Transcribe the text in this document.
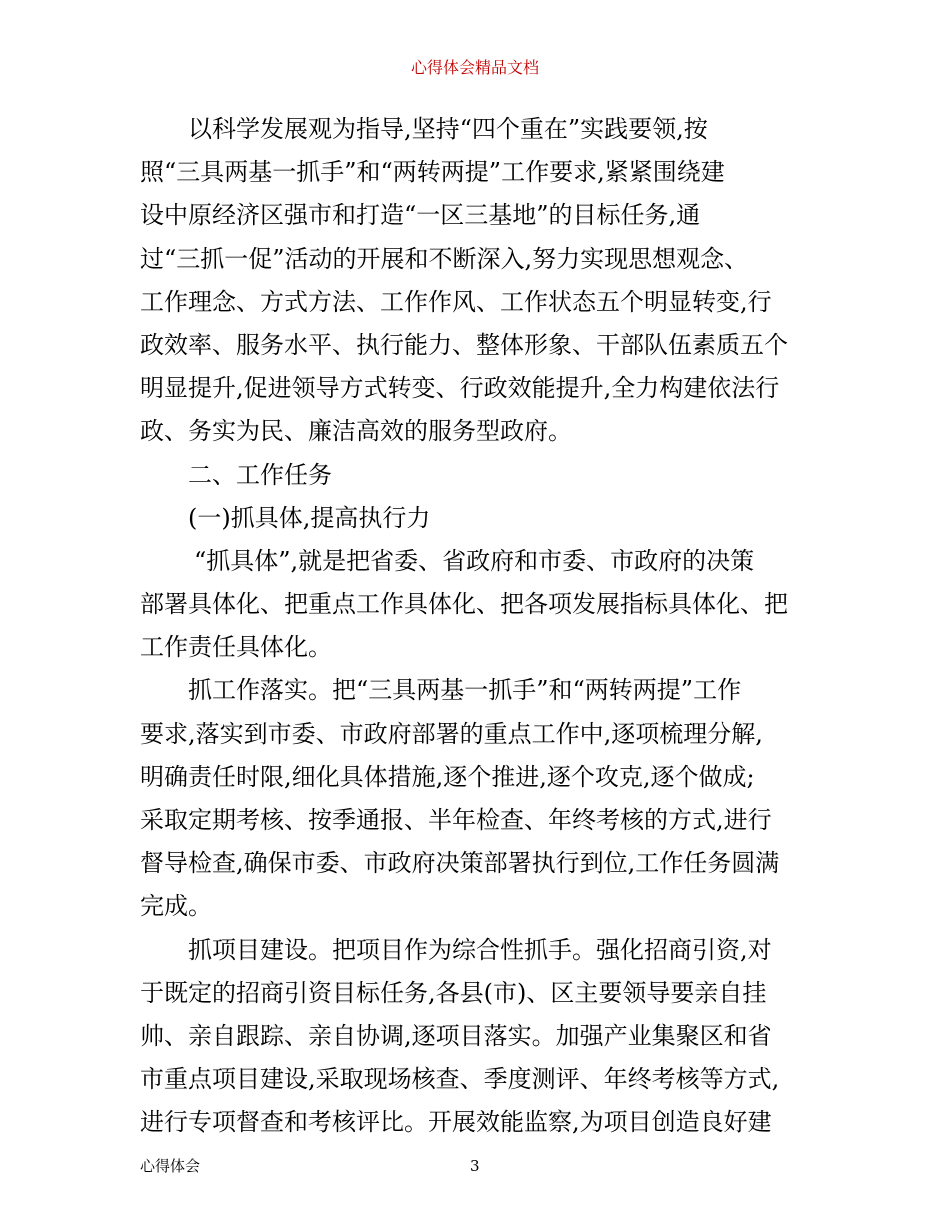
心得体会精品文档
以科学发展观为指导,坚持“四个重在”实践要领,按
照“三具两基一抓手”和“两转两提”工作要求,紧紧围绕建
设中原经济区强市和打造“一区三基地”的目标任务,通
过“三抓一促”活动的开展和不断深入,努力实现思想观念、
工作理念、方式方法、工作作风、工作状态五个明显转变,行
政效率、服务水平、执行能力、整体形象、干部队伍素质五个
明显提升,促进领导方式转变、行政效能提升,全力构建依法行
政、务实为民、廉洁高效的服务型政府。
二、工作任务
(一)抓具体,提高执行力
“抓具体”,就是把省委、省政府和市委、市政府的决策
部署具体化、把重点工作具体化、把各项发展指标具体化、把
工作责任具体化。
抓工作落实。把“三具两基一抓手”和“两转两提”工作
要求,落实到市委、市政府部署的重点工作中,逐项梳理分解,
明确责任时限,细化具体措施,逐个推进,逐个攻克,逐个做成;
采取定期考核、按季通报、半年检查、年终考核的方式,进行
督导检查,确保市委、市政府决策部署执行到位,工作任务圆满
完成。
抓项目建设。把项目作为综合性抓手。强化招商引资,对
于既定的招商引资目标任务,各县(市)、区主要领导要亲自挂
帅、亲自跟踪、亲自协调,逐项目落实。加强产业集聚区和省
市重点项目建设,采取现场核查、季度测评、年终考核等方式,
进行专项督查和考核评比。开展效能监察,为项目创造良好建
心得体会	3
